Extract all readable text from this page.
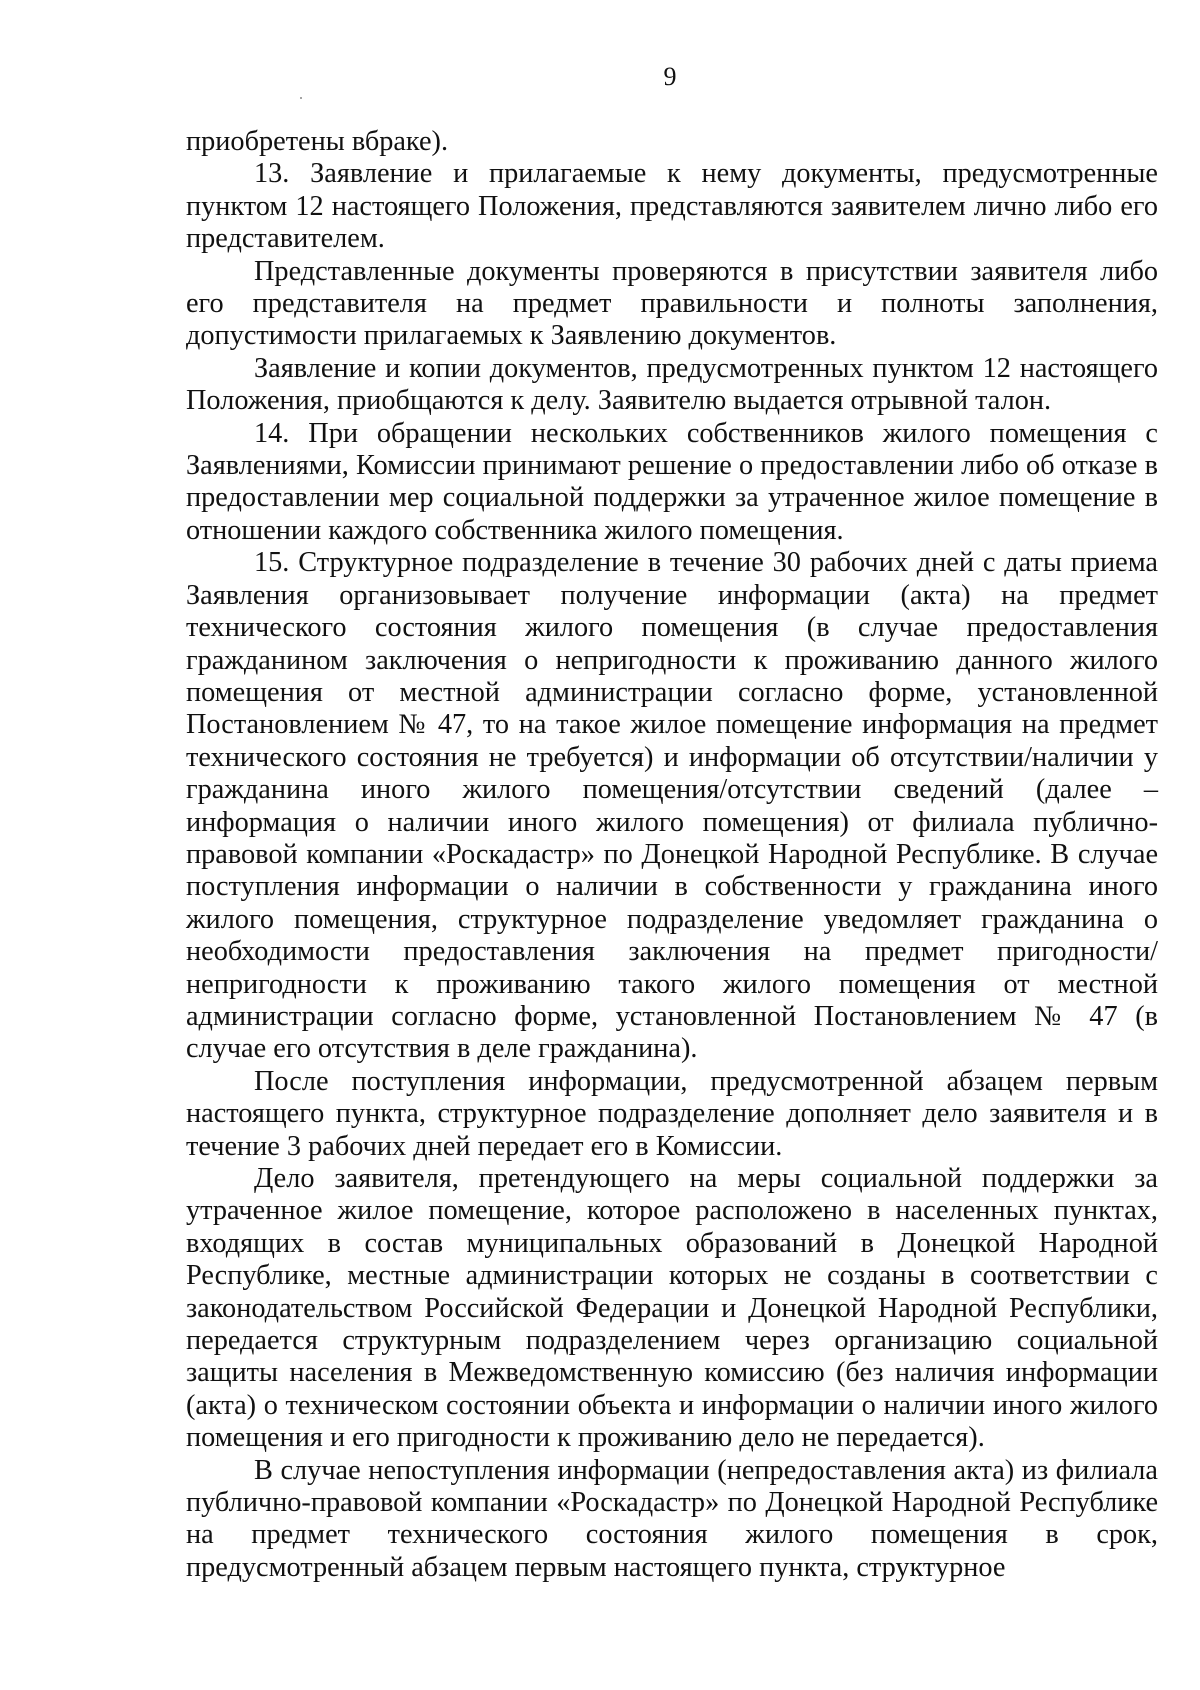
9

приобретены вбраке).

13. Заявление и прилагаемые к нему документы, предусмотренные пунктом 12 настоящего Положения, представляются заявителем лично либо его представителем.

Представленные документы проверяются в присутствии заявителя либо его представителя на предмет правильности и полноты заполнения, допустимости прилагаемых к Заявлению документов.

Заявление и копии документов, предусмотренных пунктом 12 настоящего Положения, приобщаются к делу. Заявителю выдается отрывной талон.

14. При обращении нескольких собственников жилого помещения с Заявлениями, Комиссии принимают решение о предоставлении либо об отказе в предоставлении мер социальной поддержки за утраченное жилое помещение в отношении каждого собственника жилого помещения.

15. Структурное подразделение в течение 30 рабочих дней с даты приема Заявления организовывает получение информации (акта) на предмет технического состояния жилого помещения (в случае предоставления гражданином заключения о непригодности к проживанию данного жилого помещения от местной администрации согласно форме, установленной Постановлением № 47, то на такое жилое помещение информация на предмет технического состояния не требуется) и информации об отсутствии/наличии у гражданина иного жилого помещения/отсутствии сведений (далее – информация о наличии иного жилого помещения) от филиала публично-правовой компании «Роскадастр» по Донецкой Народной Республике. В случае поступления информации о наличии в собственности у гражданина иного жилого помещения, структурное подразделение уведомляет гражданина о необходимости предоставления заключения на предмет пригодности/непригодности к проживанию такого жилого помещения от местной администрации согласно форме, установленной Постановлением № 47 (в случае его отсутствия в деле гражданина).

После поступления информации, предусмотренной абзацем первым настоящего пункта, структурное подразделение дополняет дело заявителя и в течение 3 рабочих дней передает его в Комиссии.

Дело заявителя, претендующего на меры социальной поддержки за утраченное жилое помещение, которое расположено в населенных пунктах, входящих в состав муниципальных образований в Донецкой Народной Республике, местные администрации которых не созданы в соответствии с законодательством Российской Федерации и Донецкой Народной Республики, передается структурным подразделением через организацию социальной защиты населения в Межведомственную комиссию (без наличия информации (акта) о техническом состоянии объекта и информации о наличии иного жилого помещения и его пригодности к проживанию дело не передается).

В случае непоступления информации (непредоставления акта) из филиала публично-правовой компании «Роскадастр» по Донецкой Народной Республике на предмет технического состояния жилого помещения в срок, предусмотренный абзацем первым настоящего пункта, структурное
